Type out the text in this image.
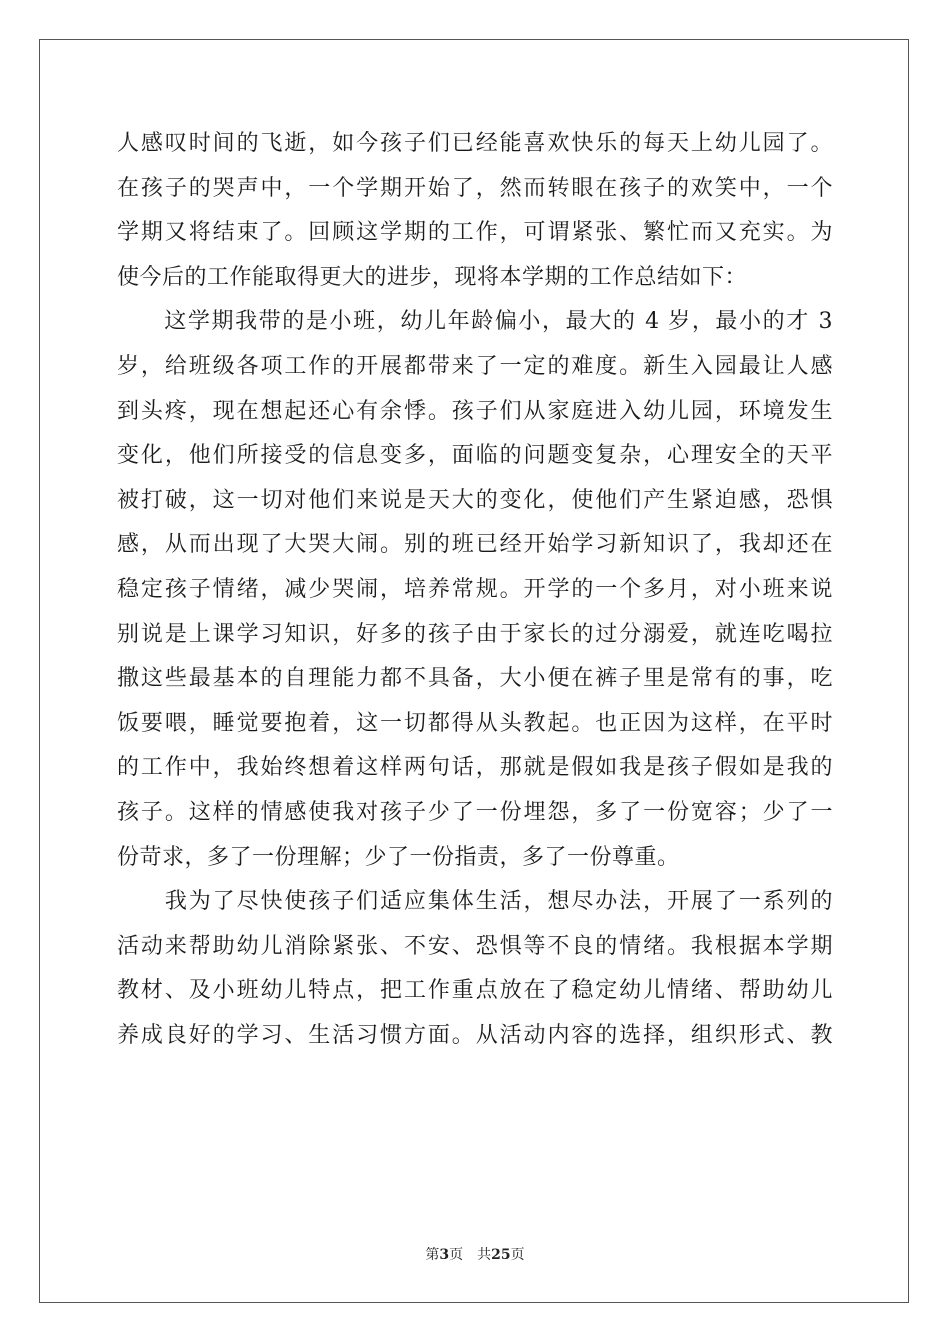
人感叹时间的飞逝，如今孩子们已经能喜欢快乐的每天上幼儿园了。
在孩子的哭声中，一个学期开始了，然而转眼在孩子的欢笑中，一个
学期又将结束了。回顾这学期的工作，可谓紧张、繁忙而又充实。为
使今后的工作能取得更大的进步，现将本学期的工作总结如下：
　　这学期我带的是小班，幼儿年龄偏小，最大的 4 岁，最小的才 3
岁，给班级各项工作的开展都带来了一定的难度。新生入园最让人感
到头疼，现在想起还心有余悸。孩子们从家庭进入幼儿园，环境发生
变化，他们所接受的信息变多，面临的问题变复杂，心理安全的天平
被打破，这一切对他们来说是天大的变化，使他们产生紧迫感，恐惧
感，从而出现了大哭大闹。别的班已经开始学习新知识了，我却还在
稳定孩子情绪，减少哭闹，培养常规。开学的一个多月，对小班来说
别说是上课学习知识，好多的孩子由于家长的过分溺爱，就连吃喝拉
撒这些最基本的自理能力都不具备，大小便在裤子里是常有的事，吃
饭要喂，睡觉要抱着，这一切都得从头教起。也正因为这样，在平时
的工作中，我始终想着这样两句话，那就是假如我是孩子假如是我的
孩子。这样的情感使我对孩子少了一份埋怨，多了一份宽容；少了一
份苛求，多了一份理解；少了一份指责，多了一份尊重。
　　我为了尽快使孩子们适应集体生活，想尽办法，开展了一系列的
活动来帮助幼儿消除紧张、不安、恐惧等不良的情绪。我根据本学期
教材、及小班幼儿特点，把工作重点放在了稳定幼儿情绪、帮助幼儿
养成良好的学习、生活习惯方面。从活动内容的选择，组织形式、教
第3页 共25页
